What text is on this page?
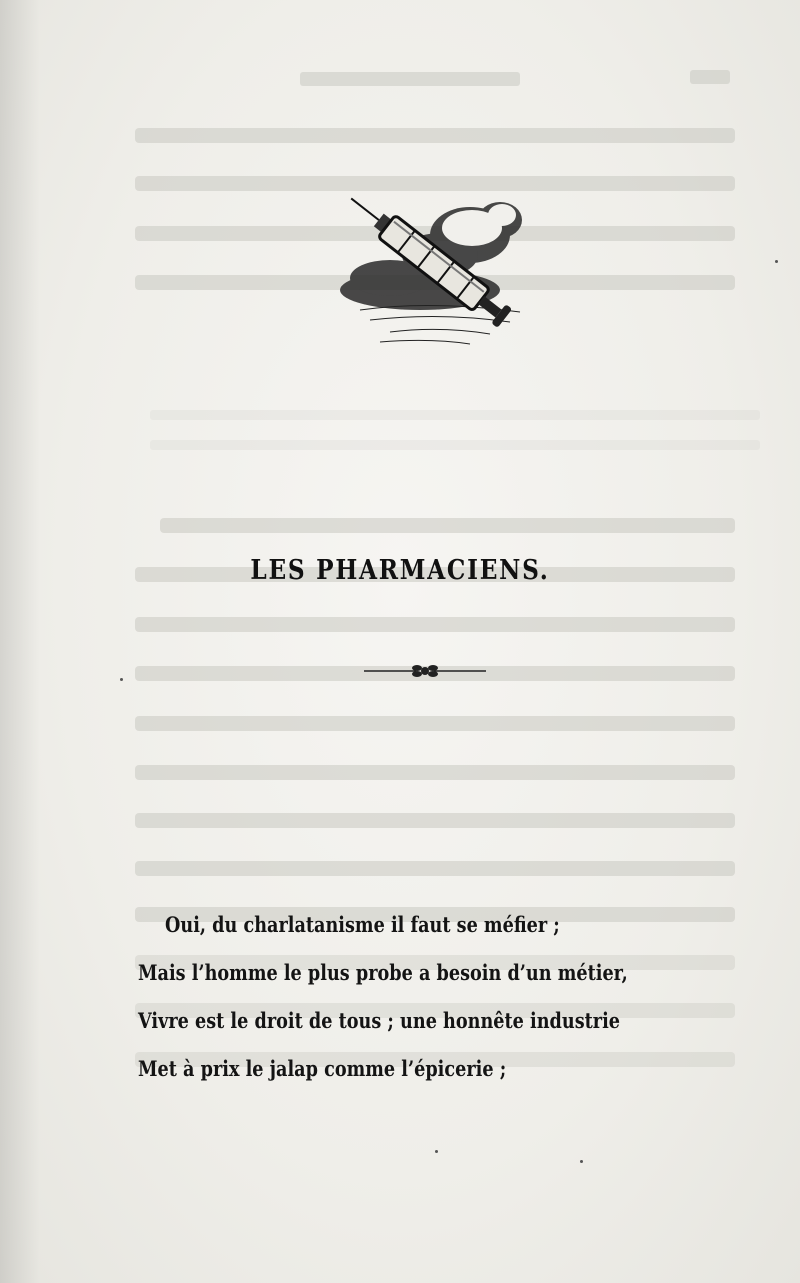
LES PHARMACIENS.

Oui, du charlatanisme il faut se méfier ;

Mais l’homme le plus probe a besoin d’un métier,

Vivre est le droit de tous ; une honnête industrie

Met à prix le jalap comme l’épicerie ;
